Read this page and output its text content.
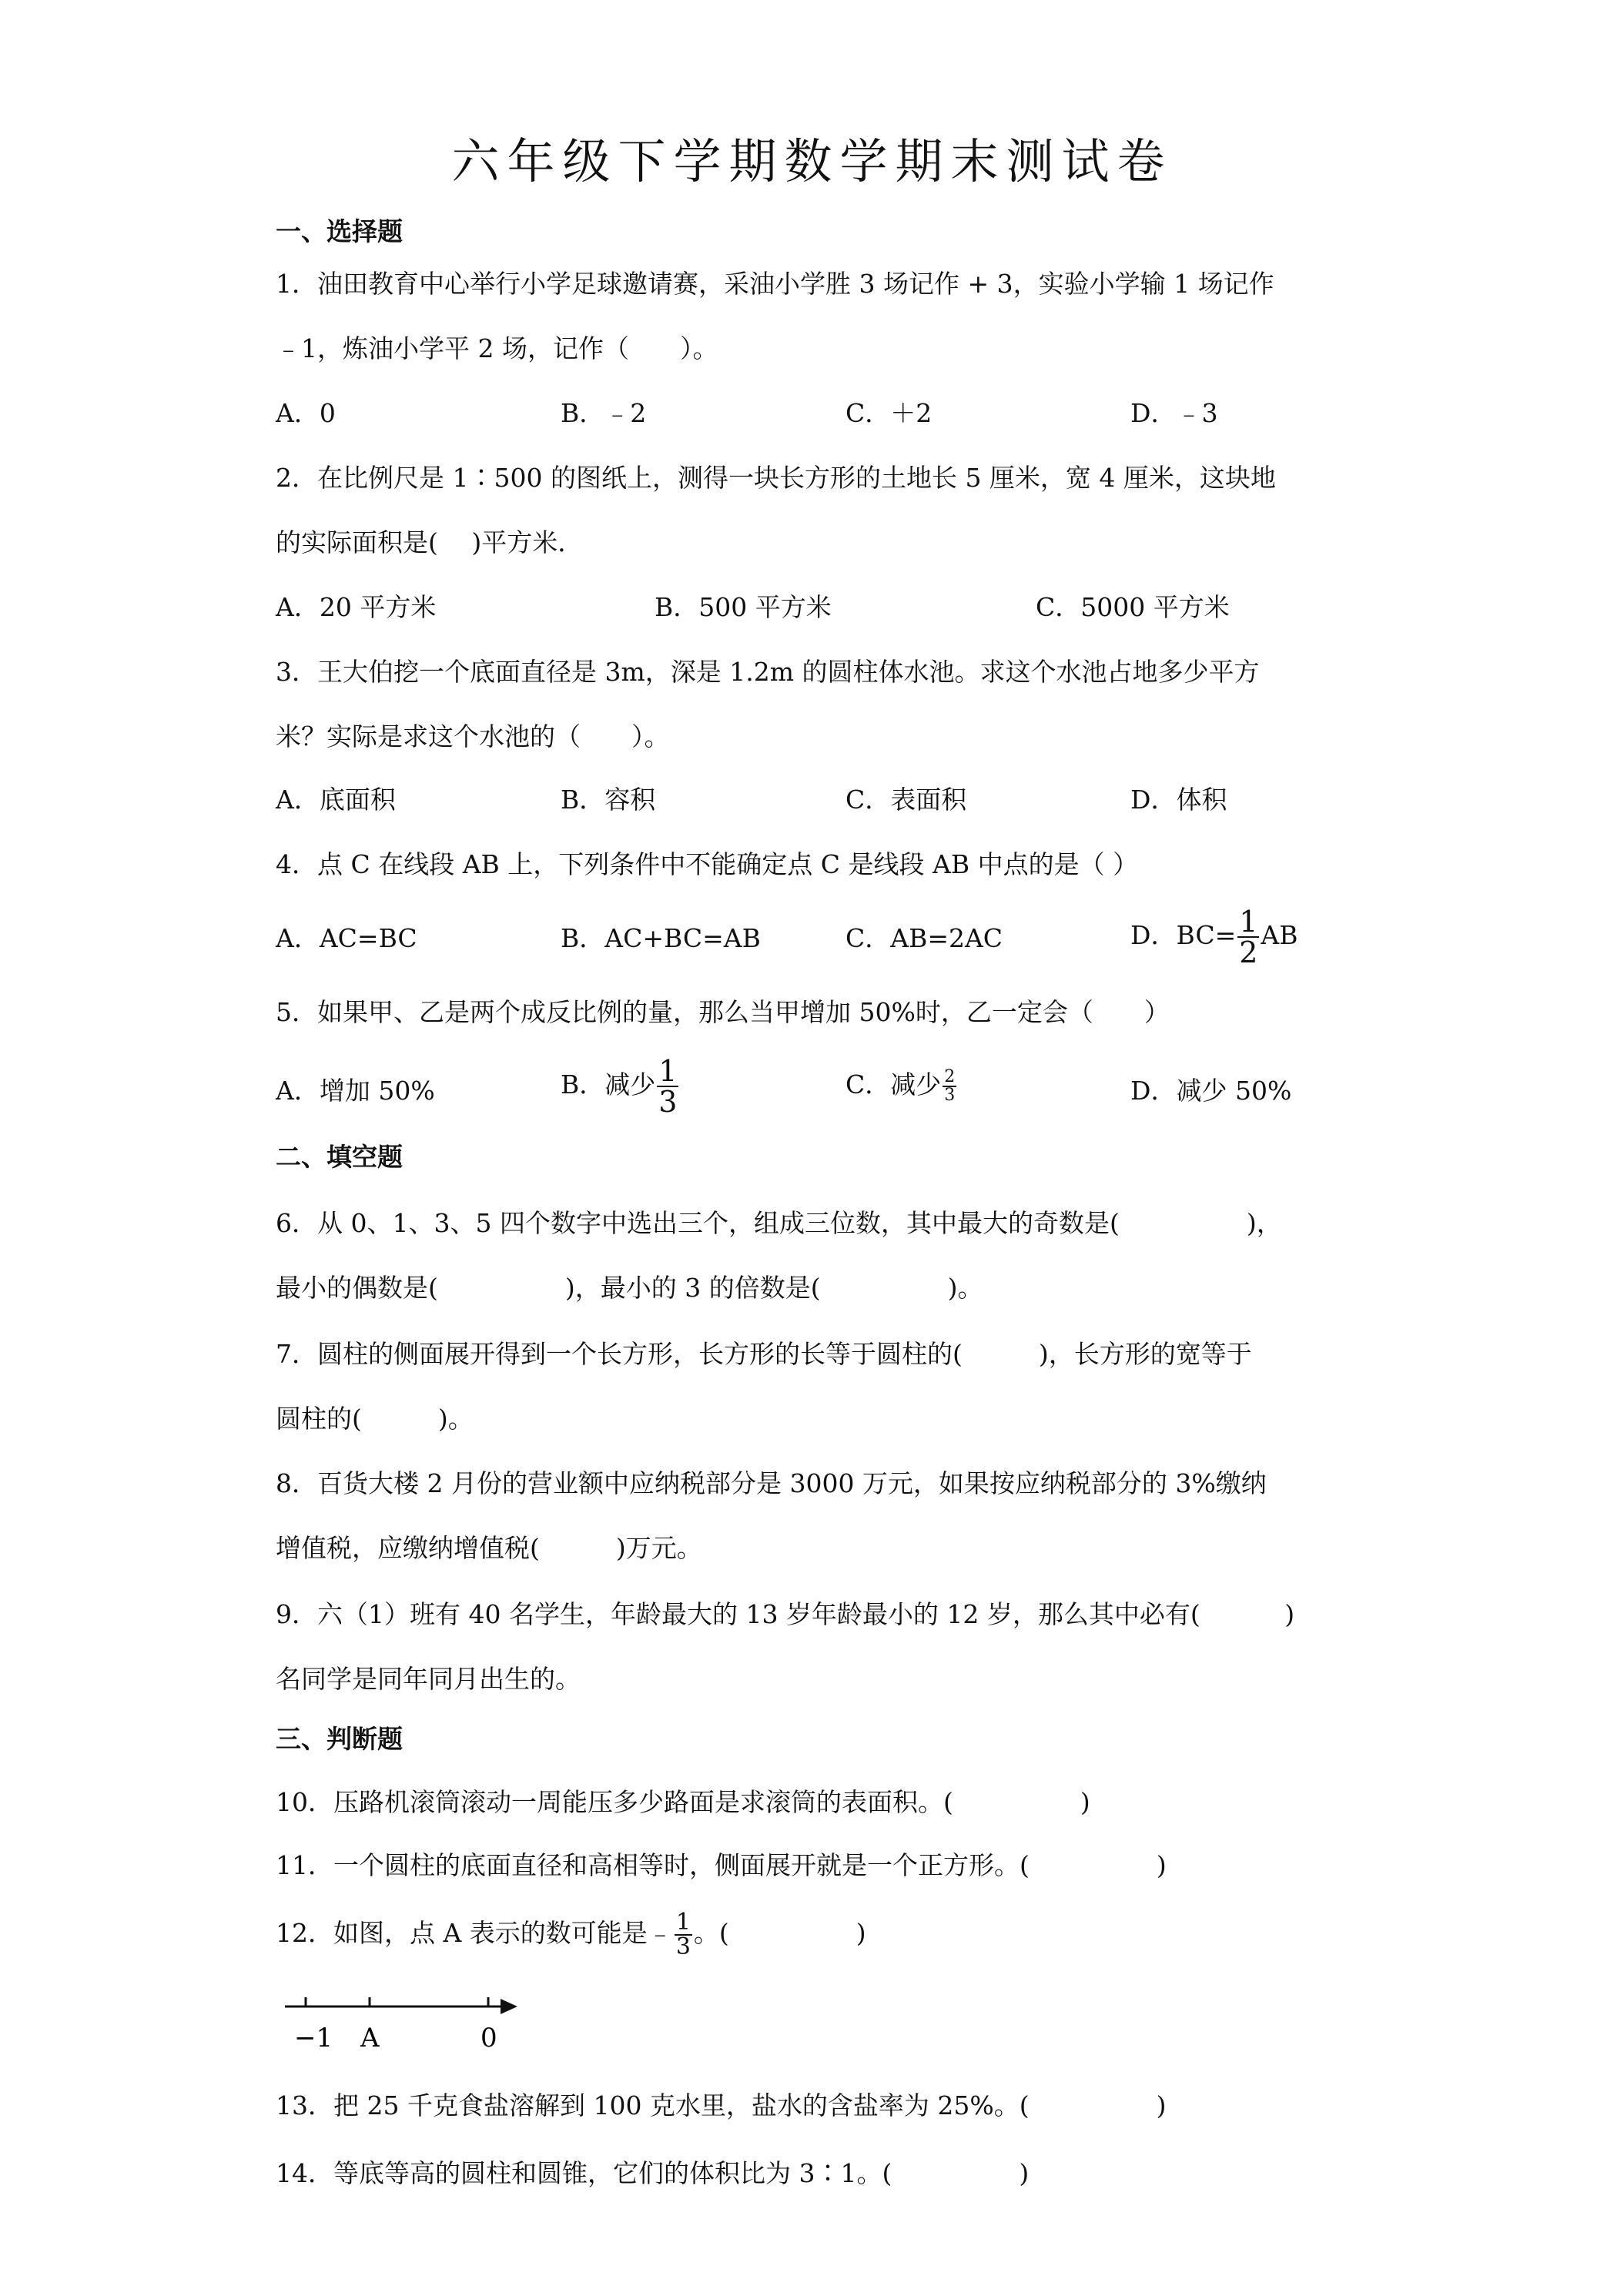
六年级下学期数学期末测试卷
一、选择题
1．油田教育中心举行小学足球邀请赛，采油小学胜 3 场记作 + 3，实验小学输 1 场记作
﹣1，炼油小学平 2 场，记作（　　）。
A．0	B．﹣2	C．＋2	D．﹣3
2．在比例尺是 1∶500 的图纸上，测得一块长方形的土地长 5 厘米，宽 4 厘米，这块地
的实际面积是(　 )平方米．
A．20 平方米	B．500 平方米	C．5000 平方米
3．王大伯挖一个底面直径是 3m，深是 1.2m 的圆柱体水池。求这个水池占地多少平方
米？实际是求这个水池的（　　）。
A．底面积	B．容积	C．表面积	D．体积
4．点 C 在线段 AB 上，下列条件中不能确定点 C 是线段 AB 中点的是（ ）
A．AC=BC	B．AC+BC=AB	C．AB=2AC	D．$BC= \frac{1}{2}$ AB
5．如果甲、乙是两个成反比例的量，那么当甲增加 50%时，乙一定会（　　）
A．增加 50%	B．减少 $\frac{1}{3}$	C．减少 $\frac{2}{3}$	D．减少 50%
二、填空题
6．从 0、1、3、5 四个数字中选出三个，组成三位数，其中最大的奇数是(　　　　　)，
最小的偶数是(　　　　　)，最小的 3 的倍数是(　　　　　)。
7．圆柱的侧面展开得到一个长方形，长方形的长等于圆柱的(　　　)，长方形的宽等于
圆柱的(　　　)。
8．百货大楼 2 月份的营业额中应纳税部分是 3000 万元，如果按应纳税部分的 3%缴纳
增值税，应缴纳增值税(　　　)万元。
9．六（1）班有 40 名学生，年龄最大的 13 岁年龄最小的 12 岁，那么其中必有(　　　 )
名同学是同年同月出生的。
三、判断题
10．压路机滚筒滚动一周能压多少路面是求滚筒的表面积。(　　　　　)
11．一个圆柱的底面直径和高相等时，侧面展开就是一个正方形。(　　　　　)
12．如图，点 A 表示的数可能是﹣ $\frac{1}{3}$ 。(　　　　　)
−1 A	0
13．把 25 千克食盐溶解到 100 克水里，盐水的含盐率为 25%。(　　　　　)
14．等底等高的圆柱和圆锥，它们的体积比为 3∶1。(　　　　　)
